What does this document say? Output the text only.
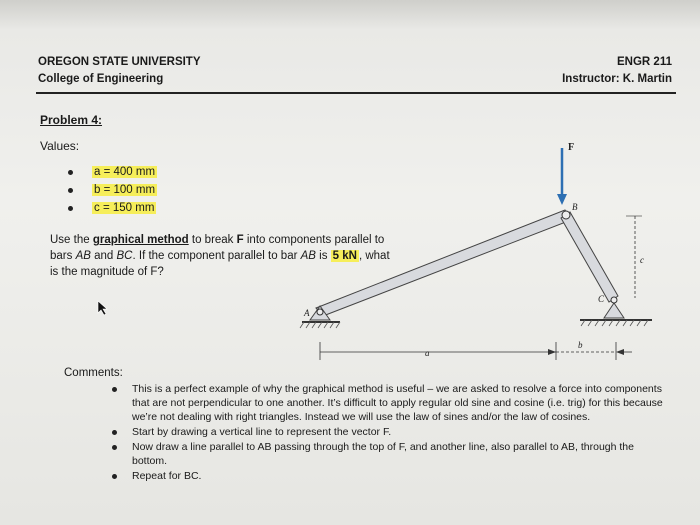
OREGON STATE UNIVERSITY
College of Engineering
ENGR 211
Instructor: K. Martin
Problem 4:
Values:
a = 400 mm
b = 100 mm
c = 150 mm
Use the graphical method to break F into components parallel to bars AB and BC. If the component parallel to bar AB is 5 kN , what is the magnitude of F?
F
B
A
C
c
a
b
Comments:
This is a perfect example of why the graphical method is useful – we are asked to resolve a force into components that are not perpendicular to one another. It’s difficult to apply regular old sine and cosine (i.e. trig) for this because we’re not dealing with right triangles. Instead we will use the law of sines and/or the law of cosines.
Start by drawing a vertical line to represent the vector F.
Now draw a line parallel to AB passing through the top of F, and another line, also parallel to AB, through the bottom.
Repeat for BC.
